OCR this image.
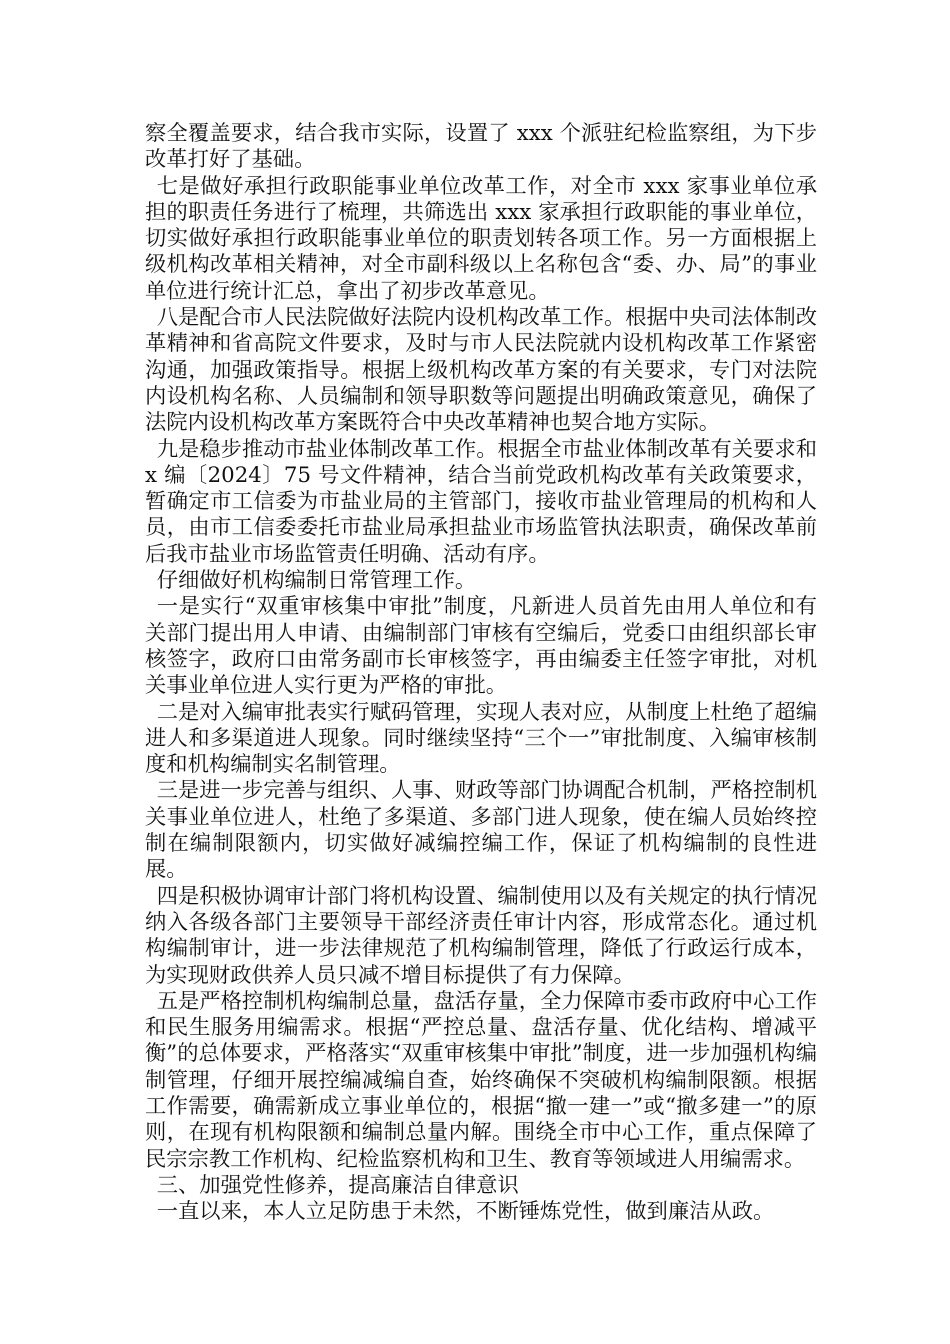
察全覆盖要求，结合我市实际，设置了 xxx 个派驻纪检监察组，为下步改革打好了基础。

七是做好承担行政职能事业单位改革工作，对全市 xxx 家事业单位承担的职责任务进行了梳理，共筛选出 xxx 家承担行政职能的事业单位，切实做好承担行政职能事业单位的职责划转各项工作。另一方面根据上级机构改革相关精神，对全市副科级以上名称包含“委、办、局”的事业单位进行统计汇总，拿出了初步改革意见。

八是配合市人民法院做好法院内设机构改革工作。根据中央司法体制改革精神和省高院文件要求，及时与市人民法院就内设机构改革工作紧密沟通，加强政策指导。根据上级机构改革方案的有关要求，专门对法院内设机构名称、人员编制和领导职数等问题提出明确政策意见，确保了法院内设机构改革方案既符合中央改革精神也契合地方实际。

九是稳步推动市盐业体制改革工作。根据全市盐业体制改革有关要求和 x 编〔2024〕75 号文件精神，结合当前党政机构改革有关政策要求，暂确定市工信委为市盐业局的主管部门，接收市盐业管理局的机构和人员，由市工信委委托市盐业局承担盐业市场监管执法职责，确保改革前后我市盐业市场监管责任明确、活动有序。

仔细做好机构编制日常管理工作。

一是实行“双重审核集中审批”制度，凡新进人员首先由用人单位和有关部门提出用人申请、由编制部门审核有空编后，党委口由组织部长审核签字，政府口由常务副市长审核签字，再由编委主任签字审批，对机关事业单位进人实行更为严格的审批。

二是对入编审批表实行赋码管理，实现人表对应，从制度上杜绝了超编进人和多渠道进人现象。同时继续坚持“三个一”审批制度、入编审核制度和机构编制实名制管理。

三是进一步完善与组织、人事、财政等部门协调配合机制，严格控制机关事业单位进人，杜绝了多渠道、多部门进人现象，使在编人员始终控制在编制限额内，切实做好减编控编工作，保证了机构编制的良性进展。

四是积极协调审计部门将机构设置、编制使用以及有关规定的执行情况纳入各级各部门主要领导干部经济责任审计内容，形成常态化。通过机构编制审计，进一步法律规范了机构编制管理，降低了行政运行成本，为实现财政供养人员只减不增目标提供了有力保障。

五是严格控制机构编制总量，盘活存量，全力保障市委市政府中心工作和民生服务用编需求。根据“严控总量、盘活存量、优化结构、增减平衡”的总体要求，严格落实“双重审核集中审批”制度，进一步加强机构编制管理，仔细开展控编减编自查，始终确保不突破机构编制限额。根据工作需要，确需新成立事业单位的，根据“撤一建一”或“撤多建一”的原则，在现有机构限额和编制总量内解。围绕全市中心工作，重点保障了民宗宗教工作机构、纪检监察机构和卫生、教育等领域进人用编需求。

三、加强党性修养，提高廉洁自律意识

一直以来，本人立足防患于未然，不断锤炼党性，做到廉洁从政。
